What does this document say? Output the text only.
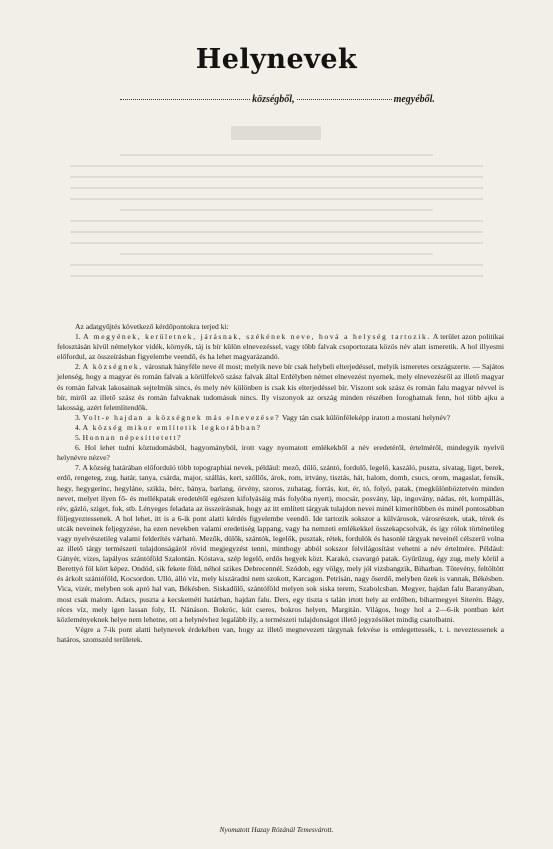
Helynevek
községből,	megyéből.

Az adatgyűjtés következő kérdőpontokra terjed ki:

1. A megyének, kerületnek, járásnak, székének neve, hová a helység tartozik. A terület azon politikai felosztásán kívül némelykor vidék, környék, táj is bír külön elnevezéssel, vagy több falvak csoportozata közös név alatt ismeretik. A hol illyesmi előfordul, az összeírásban figyelembe veendő, és ha lehet magyarázandó.

2. A községnek, városnak hányféle neve él most; melyik neve bír csak helybeli elterjedéssel, melyik ismeretes országszerte. — Sajátos jelenség, hogy a magyar és román falvak a körülfekvő szász falvak által Erdélyben német elnevezést nyernek, mely elnevezésről az illető magyar és román falvak lakosainak sejtelmük sincs, és mely név különben is csak kis elterjedéssel bír. Viszont sok szász és román falu magyar névvel is bír, miről az illető szász és román falvaknak tudomásuk nincs. Ily viszonyok az ország minden részében foroghatnak fenn, hol több ajku a lakosság, azért felemlítendők.

3. Volt-e hajdan a községnek más elnevezése? Vagy tán csak különféleképp iratott a mostani helynév?

4. A község mikor említetik legkorábban?

5. Honnan népesíttetett?

6. Hol lehet tudni köztudomásból, hagyományból, irott vagy nyomatott emlékekből a név eredetéről, értelméről, mindegyik nyelvű helynévre nézve?

7. A község határában előforduló több topographiai nevek, például: mező, dűlő, szántó, fordulő, legelő, kaszáló, puszta, sivatag, liget, berek, erdő, rengeteg, zug, határ, tanya, csárda, major, szállás, kert, szőllős, árok, rom, irtvány, tisztás, hát, halom, domb, csucs, orom, magaslat, fensík, hegy, hegygerinc, hegyláne, szikla, bérc, bánya, barlang, örvény, szoros, zuhatag, forrás, kut, ér, tó, folyó, patak, (megkülönböztetvén minden nevet, melyet ilyen fő- és mellékpatak eredetétől egészen kifolyásáig más folyóba nyert), mocsár, posvány, láp, ingovány, nádas, rét, kompállás, rév, gázló, sziget, fok, stb. Lényeges feladata az összeírásnak, hogy az itt említett tárgyak tulajdon nevei minél kimerítőbben és minél pontosabban följegyeztessenek. A hol lehet, itt is a 6-ik pont alatti kérdés figyelembe veendő. Ide tartozik sokszor a külvárosok, városrészek, utak, térek és utcák neveinek feljegyzése, ha ezen nevekben valami eredetiség lappang, vagy ha nemzeti emlékekkel összekapcsolvák, és így rólok történetileg vagy nyelvészetileg valami felderítés várható. Mezők, dülők, szántók, legelők, pusztak, rétek, fordulók és hasonlé tárgyak neveinél célszerű volna az illető tárgy természeti tulajdonságáról rövid megjegyzést tenni, minthogy abból sokszor felvilágosítást vehetni a név értelmére. Például: Gányér, vizes, lapályos szántóföld Szalontán. Kóstava, szép legelő, erdős hegyek közt. Karakó, csavargó patak. Gyűrűzug, égy zug, mely körül a Berettyó föl kört képez. Ondód, sík fekete föld, néhol szikes Debrecennél. Szódob, egy völgy, mely jól vizsbangzik, Biharban. Tötevény, feltöltött és árkolt szántóföld, Kocsordon. Ulló, álló víz, mely kiszáradni nem szokott, Karcagon. Petrisán, nagy őserdő, melyben őzek is vannak, Békésben. Vica, vizér, melyben sok apró hal van, Békésben. Siskadűlő, szántóföld melyen sok siska terem, Szabolcsban. Megyer, hajdan falu Baranyában, most csak malom. Adacs, puszta a kecskeméti határban, hajdan falu. Ders, egy tiszta s talán irtott hely az erdőben, biharmegyei Siterén. Bágy, réces víz, mely igen lassan foly, II. Nánáson. Bokróc, kút cseres, bokros helyen, Margitán. Világos, hogy hol a 2—6-ik pontban kért közleményeknek helye nem lehetne, ott a helynévhez legalább ily, a természeti tulajdonságot illető jegyzésöket mindig csatolbatni.

Végre a 7-ik pont alatti helynevek érdekében van, hogy az illető megnevezett tárgynak fekvése is emlegettessék, t. i. neveztessenek a határos, szomszéd területek.

Nyomatott Hazay Rózánál Temesvárott.
